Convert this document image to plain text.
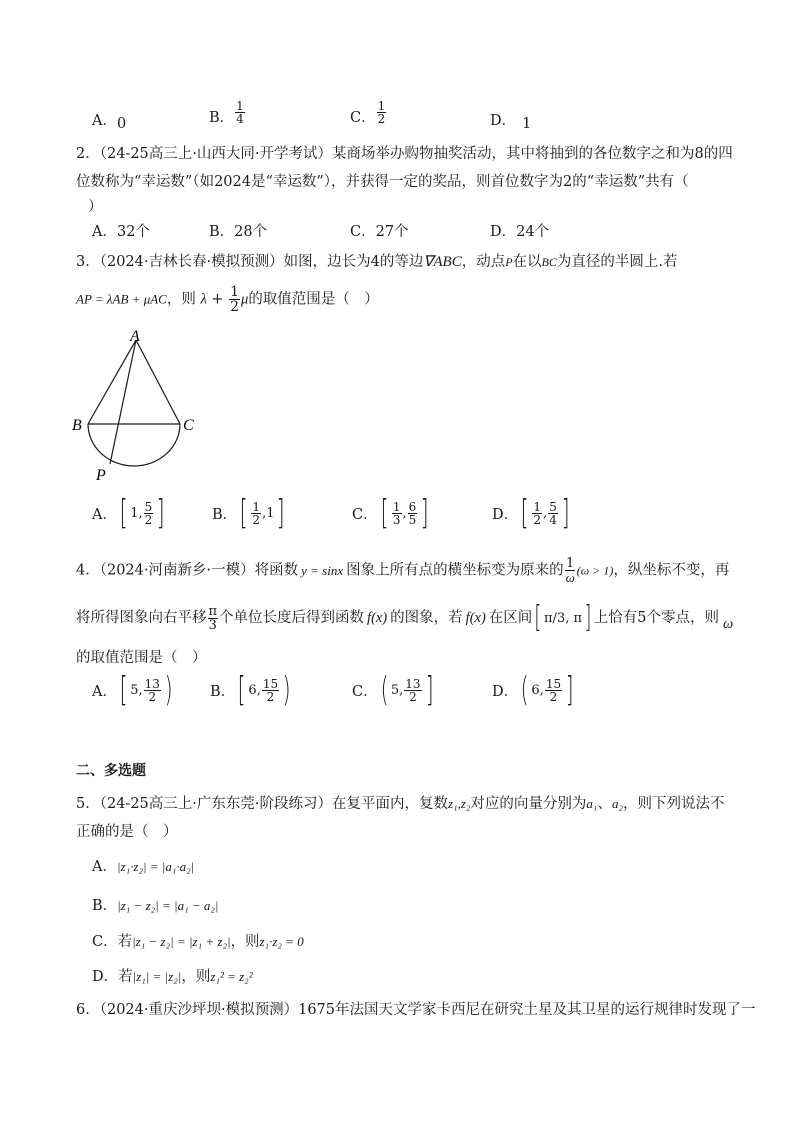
A． 0	B． $\frac{1}{4}$	C． $\frac{1}{2}$	D． 1
2．（24-25高三上·山西大同·开学考试）某商场举办购物抽奖活动，其中将抽到的各位数字之和为8的四
位数称为“幸运数”（如2024是“幸运数”），并获得一定的奖品，则首位数字为2的“幸运数”共有（
）
A．32个	B．28个	C．27个	D．24个
3．（2024·吉林长春·模拟预测）如图，边长为4的等边∇ABC，动点P在以BC为直径的半圆上.若
AP = λAB + μAC，则 $\lambda + \frac{1}{2}$ μ的取值范围是（　）
A
B	C
P
A． [ 1, $\frac{5}{2}$ ]	B． [ $\frac{1}{2} ,1$ ]	C． [ $\frac{1}{3}$ , $\frac{6}{5}$ ]	D． [ $\frac{1}{2}$ , $\frac{5}{4}$ ]
4．（2024·河南新乡·一模）将函数 y = sinx 图象上所有点的横坐标变为原来的 $\frac{1}{\omega} (\omega > 1)$，纵坐标不变，再
将所得图象向右平移 $\frac{\pi}{3}$ 个单位长度后得到函数 f(x) 的图象，若 f(x) 在区间[ π/3, π] 上恰有5个零点，则 ω
的取值范围是（　）
A． [ 5, $\frac{13}{2}$ )	B． [ 6, $\frac{15}{2}$ )	C． ( 5, $\frac{13}{2}$ ]	D． ( 6, $\frac{15}{2}$ ]
二、多选题
5．（24-25高三上·广东东莞·阶段练习）在复平面内，复数z₁,z₂对应的向量分别为a₁、a₂，则下列说法不
正确的是（　）
A．|z₁·z₂| = |a₁·a₂|
B．|z₁ − z₂| = |a₁ − a₂|
C．若|z₁ − z₂| = |z₁ + z₂|，则z₁·z₂ = 0
D．若|z₁| = |z₂|，则z₁² = z₂²
6．（2024·重庆沙坪坝·模拟预测）1675年法国天文学家卡西尼在研究土星及其卫星的运行规律时发现了一
